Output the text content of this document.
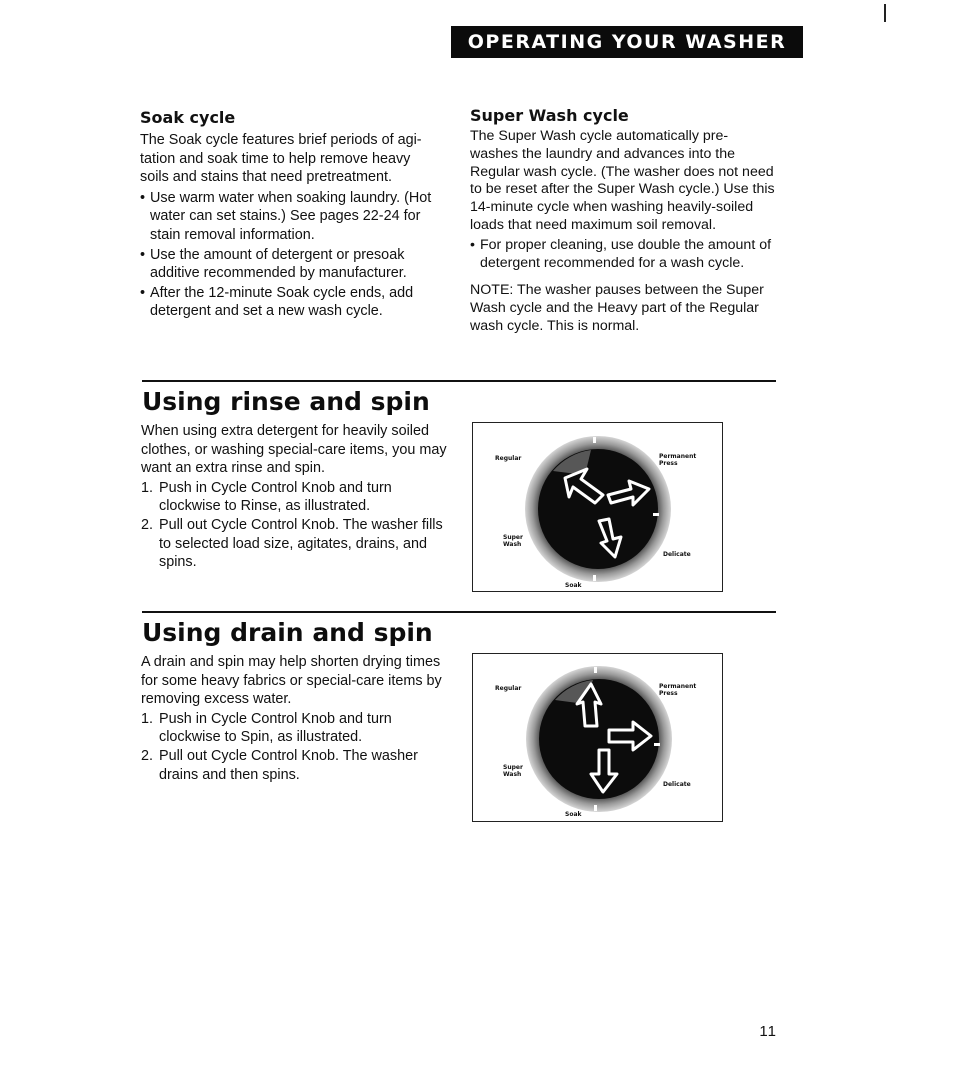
OPERATING YOUR WASHER
Soak cycle

The Soak cycle features brief periods of agi-tation and soak time to help remove heavy soils and stains that need pretreatment.

• Use warm water when soaking laundry. (Hot water can set stains.) See pages 22-24 for stain removal information.
• Use the amount of detergent or presoak additive recommended by manufacturer.
• After the 12-minute Soak cycle ends, add detergent and set a new wash cycle.
Super Wash cycle

The Super Wash cycle automatically pre-washes the laundry and advances into the Regular wash cycle. (The washer does not need to be reset after the Super Wash cycle.) Use this 14-minute cycle when washing heavily-soiled loads that need maximum soil removal.

• For proper cleaning, use double the amount of detergent recommended for a wash cycle.

NOTE: The washer pauses between the Super Wash cycle and the Heavy part of the Regular wash cycle. This is normal.

Using rinse and spin

When using extra detergent for heavily soiled clothes, or washing special-care items, you may want an extra rinse and spin.

1. Push in Cycle Control Knob and turn clockwise to Rinse, as illustrated.
2. Pull out Cycle Control Knob. The washer fills to selected load size, agitates, drains, and spins.
Regular	Permanent
Press
Super
Wash
Delicate
Soak
Using drain and spin

A drain and spin may help shorten drying times for some heavy fabrics or special-care items by removing excess water.

1. Push in Cycle Control Knob and turn clockwise to Spin, as illustrated.
2. Pull out Cycle Control Knob. The washer drains and then spins.
Regular	Permanent
Press
Super
Wash
Delicate
Soak
11
